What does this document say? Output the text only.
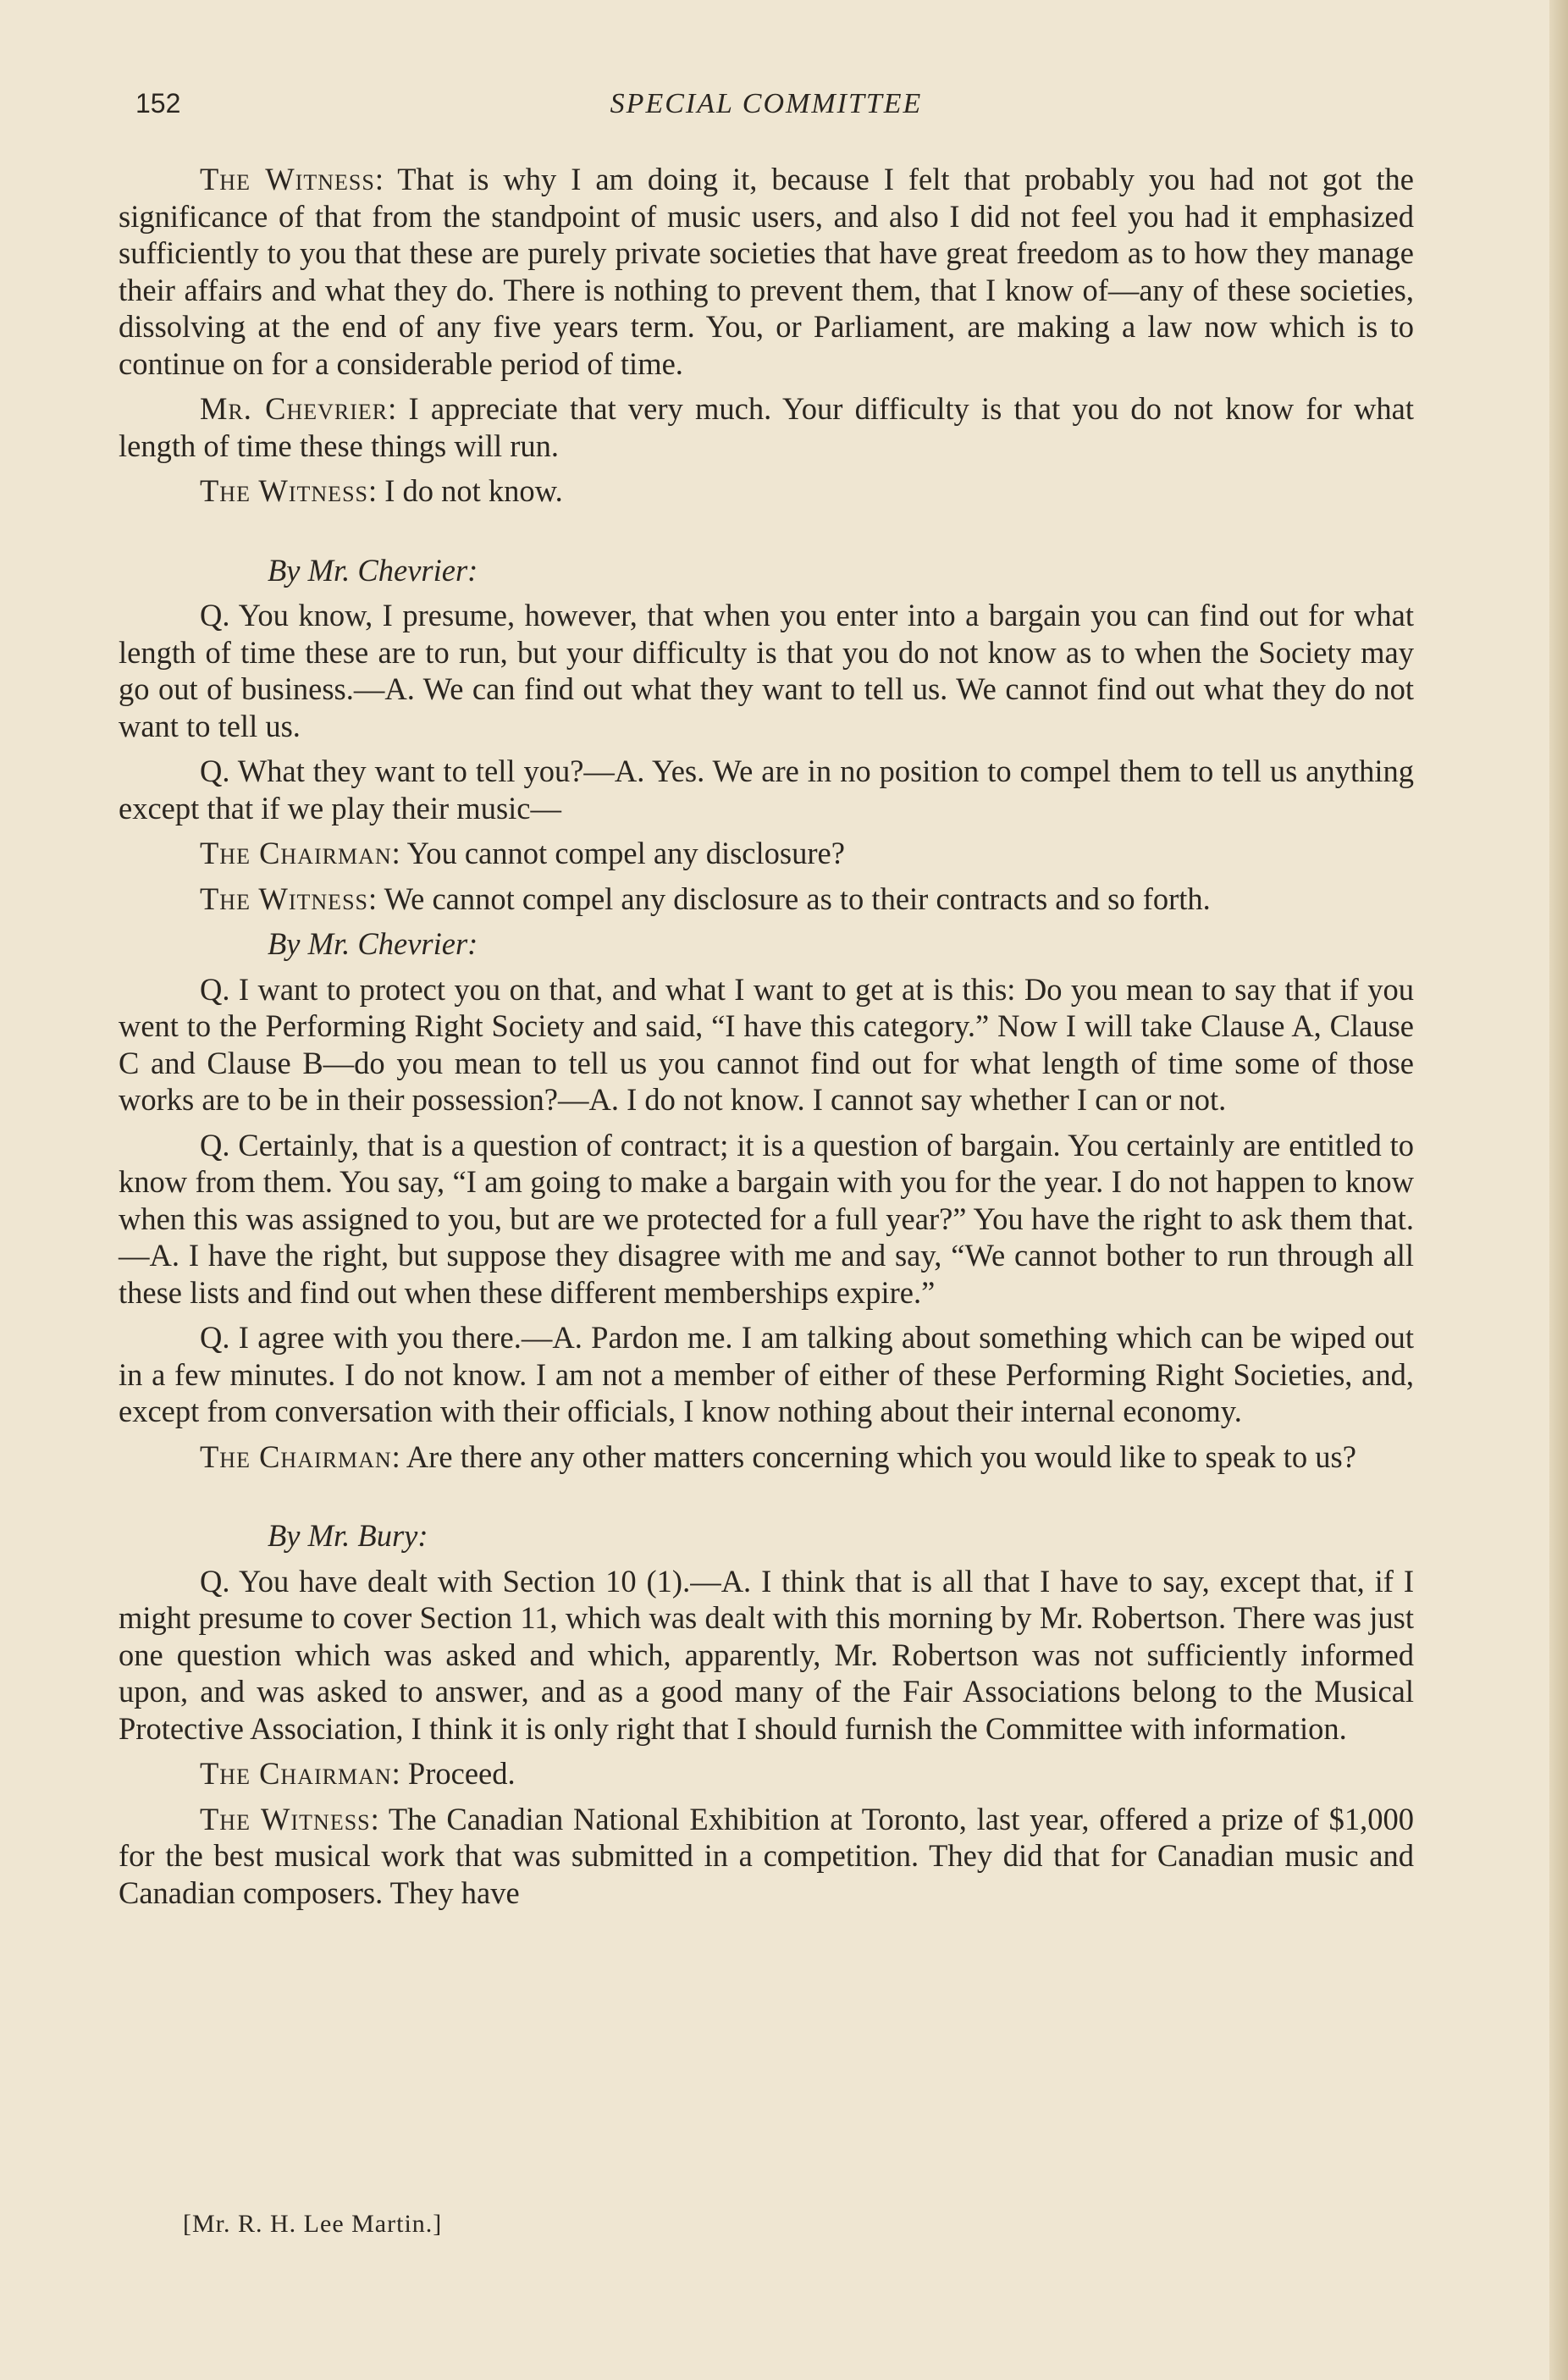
152	SPECIAL COMMITTEE

The Witness: That is why I am doing it, because I felt that probably you had not got the significance of that from the standpoint of music users, and also I did not feel you had it emphasized sufficiently to you that these are purely private societies that have great freedom as to how they manage their affairs and what they do. There is nothing to prevent them, that I know of—any of these societies, dissolving at the end of any five years term. You, or Parliament, are making a law now which is to continue on for a considerable period of time.

Mr. Chevrier: I appreciate that very much. Your difficulty is that you do not know for what length of time these things will run.

The Witness: I do not know.

By Mr. Chevrier:

Q. You know, I presume, however, that when you enter into a bargain you can find out for what length of time these are to run, but your difficulty is that you do not know as to when the Society may go out of business.—A. We can find out what they want to tell us. We cannot find out what they do not want to tell us.

Q. What they want to tell you?—A. Yes. We are in no position to compel them to tell us anything except that if we play their music—

The Chairman: You cannot compel any disclosure?

The Witness: We cannot compel any disclosure as to their contracts and so forth.

By Mr. Chevrier:

Q. I want to protect you on that, and what I want to get at is this: Do you mean to say that if you went to the Performing Right Society and said, “I have this category.” Now I will take Clause A, Clause C and Clause B—do you mean to tell us you cannot find out for what length of time some of those works are to be in their possession?—A. I do not know. I cannot say whether I can or not.

Q. Certainly, that is a question of contract; it is a question of bargain. You certainly are entitled to know from them. You say, “I am going to make a bargain with you for the year. I do not happen to know when this was assigned to you, but are we protected for a full year?” You have the right to ask them that.—A. I have the right, but suppose they disagree with me and say, “We cannot bother to run through all these lists and find out when these different memberships expire.”

Q. I agree with you there.—A. Pardon me. I am talking about something which can be wiped out in a few minutes. I do not know. I am not a member of either of these Performing Right Societies, and, except from conversation with their officials, I know nothing about their internal economy.

The Chairman: Are there any other matters concerning which you would like to speak to us?

By Mr. Bury:

Q. You have dealt with Section 10 (1).—A. I think that is all that I have to say, except that, if I might presume to cover Section 11, which was dealt with this morning by Mr. Robertson. There was just one question which was asked and which, apparently, Mr. Robertson was not sufficiently informed upon, and was asked to answer, and as a good many of the Fair Associations belong to the Musical Protective Association, I think it is only right that I should furnish the Committee with information.

The Chairman: Proceed.

The Witness: The Canadian National Exhibition at Toronto, last year, offered a prize of $1,000 for the best musical work that was submitted in a competition. They did that for Canadian music and Canadian composers. They have

[Mr. R. H. Lee Martin.]
